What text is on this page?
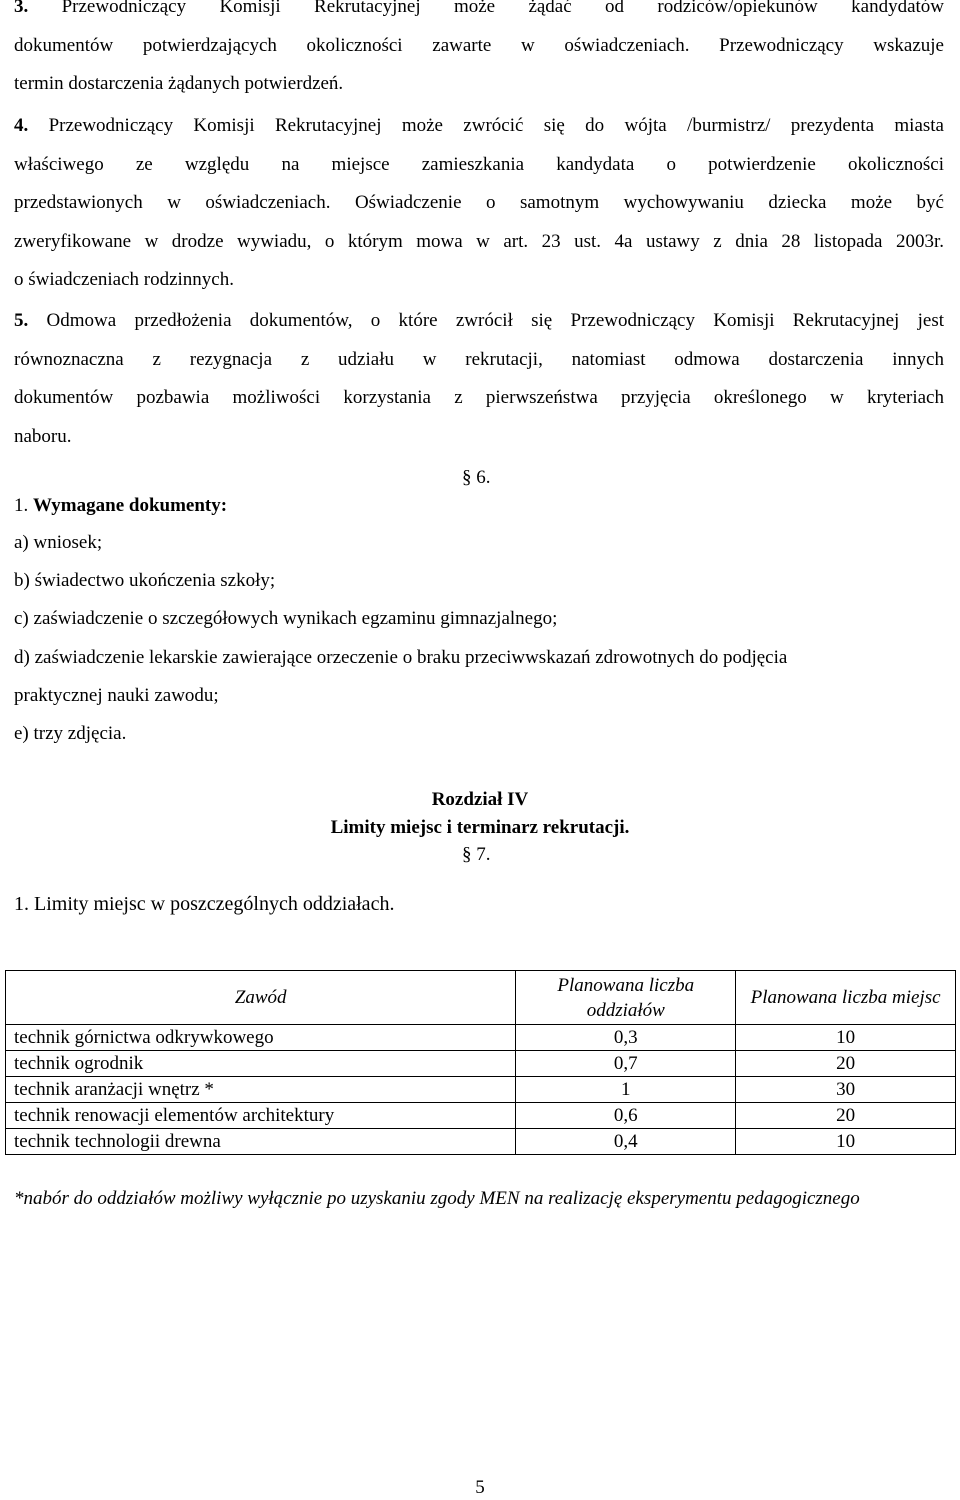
3. Przewodniczący Komisji Rekrutacyjnej może żądać od rodziców/opiekunów kandydatów
dokumentów potwierdzających okoliczności zawarte w oświadczeniach. Przewodniczący wskazuje
termin dostarczenia żądanych potwierdzeń.
4. Przewodniczący Komisji Rekrutacyjnej może zwrócić się do wójta /burmistrz/ prezydenta miasta
właściwego ze względu na miejsce zamieszkania kandydata o potwierdzenie okoliczności
przedstawionych w oświadczeniach. Oświadczenie o samotnym wychowywaniu dziecka może być
zweryfikowane w drodze wywiadu, o którym mowa w art. 23 ust. 4a ustawy z dnia 28 listopada 2003r.
o świadczeniach rodzinnych.
5. Odmowa przedłożenia dokumentów, o które zwrócił się Przewodniczący Komisji Rekrutacyjnej jest
równoznaczna z rezygnacja z udziału w rekrutacji, natomiast odmowa dostarczenia innych
dokumentów pozbawia możliwości korzystania z pierwszeństwa przyjęcia określonego w kryteriach
naboru.

§ 6.

1. Wymagane dokumenty:

a) wniosek;

b) świadectwo ukończenia szkoły;

c) zaświadczenie o szczegółowych wynikach egzaminu gimnazjalnego;

d) zaświadczenie lekarskie zawierające orzeczenie o braku przeciwwskazań zdrowotnych do podjęcia

praktycznej nauki zawodu;

e) trzy zdjęcia.

Rozdział IV

Limity miejsc i terminarz rekrutacji.

§ 7.

1. Limity miejsc w poszczególnych oddziałach.

Zawód	Planowana liczba oddziałów	Planowana liczba miejsc
technik górnictwa odkrywkowego	0,3	10
technik ogrodnik	0,7	20
technik aranżacji wnętrz *	1	30
technik renowacji elementów architektury	0,6	20
technik technologii drewna	0,4	10

*nabór do oddziałów możliwy wyłącznie po uzyskaniu zgody MEN na realizację eksperymentu pedagogicznego

5
